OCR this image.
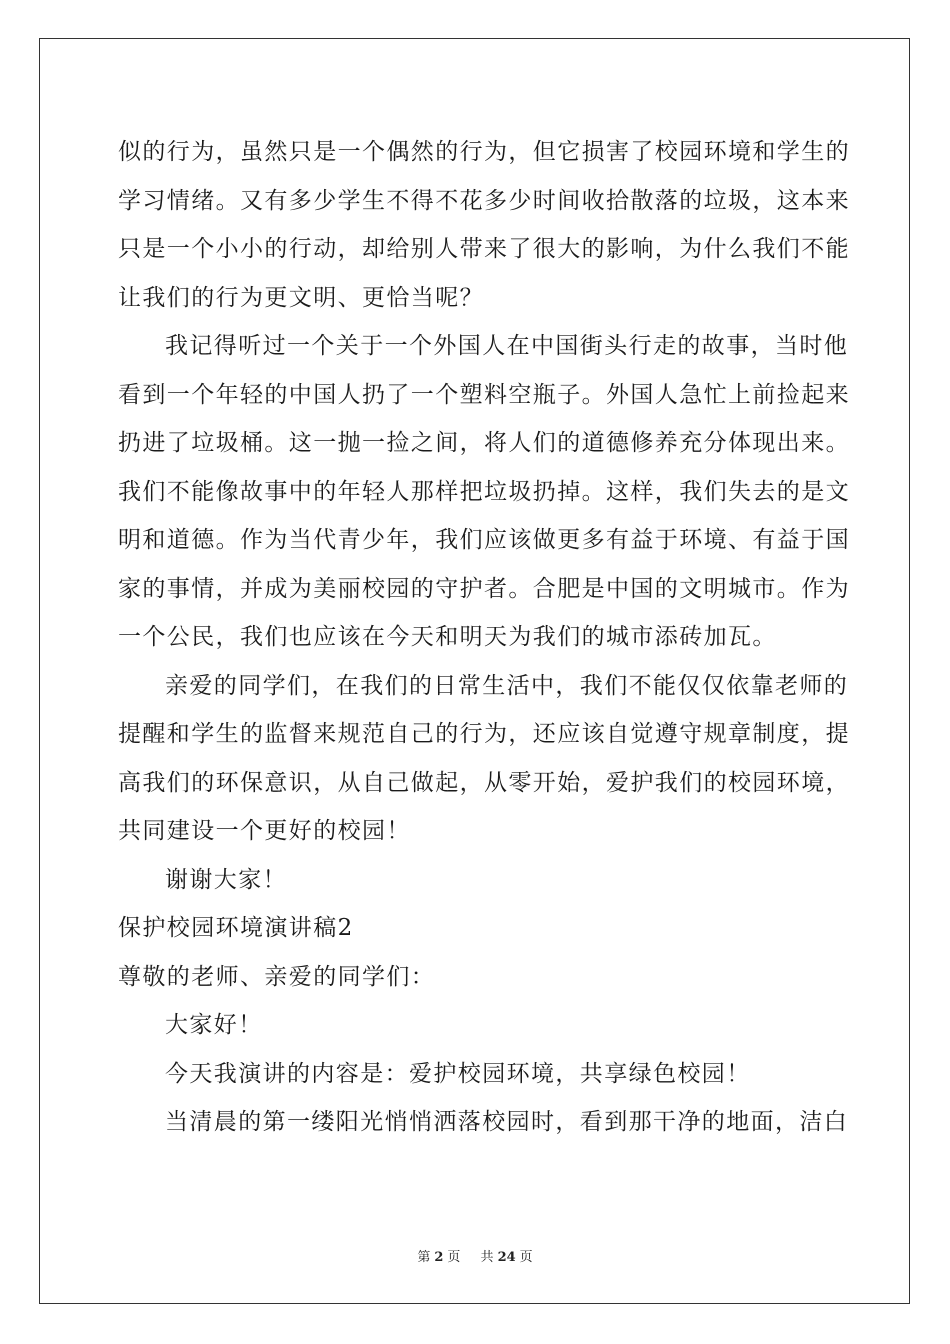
似的行为，虽然只是一个偶然的行为，但它损害了校园环境和学生的
学习情绪。又有多少学生不得不花多少时间收拾散落的垃圾，这本来
只是一个小小的行动，却给别人带来了很大的影响，为什么我们不能
让我们的行为更文明、更恰当呢？
我记得听过一个关于一个外国人在中国街头行走的故事，当时他
看到一个年轻的中国人扔了一个塑料空瓶子。外国人急忙上前捡起来
扔进了垃圾桶。这一抛一捡之间，将人们的道德修养充分体现出来。
我们不能像故事中的年轻人那样把垃圾扔掉。这样，我们失去的是文
明和道德。作为当代青少年，我们应该做更多有益于环境、有益于国
家的事情，并成为美丽校园的守护者。合肥是中国的文明城市。作为
一个公民，我们也应该在今天和明天为我们的城市添砖加瓦。
亲爱的同学们，在我们的日常生活中，我们不能仅仅依靠老师的
提醒和学生的监督来规范自己的行为，还应该自觉遵守规章制度，提
高我们的环保意识，从自己做起，从零开始，爱护我们的校园环境，
共同建设一个更好的校园！
谢谢大家！
保护校园环境演讲稿2
尊敬的老师、亲爱的同学们：
大家好！
今天我演讲的内容是：爱护校园环境，共享绿色校园！
当清晨的第一缕阳光悄悄洒落校园时，看到那干净的地面，洁白
第 2 页 共 24 页
